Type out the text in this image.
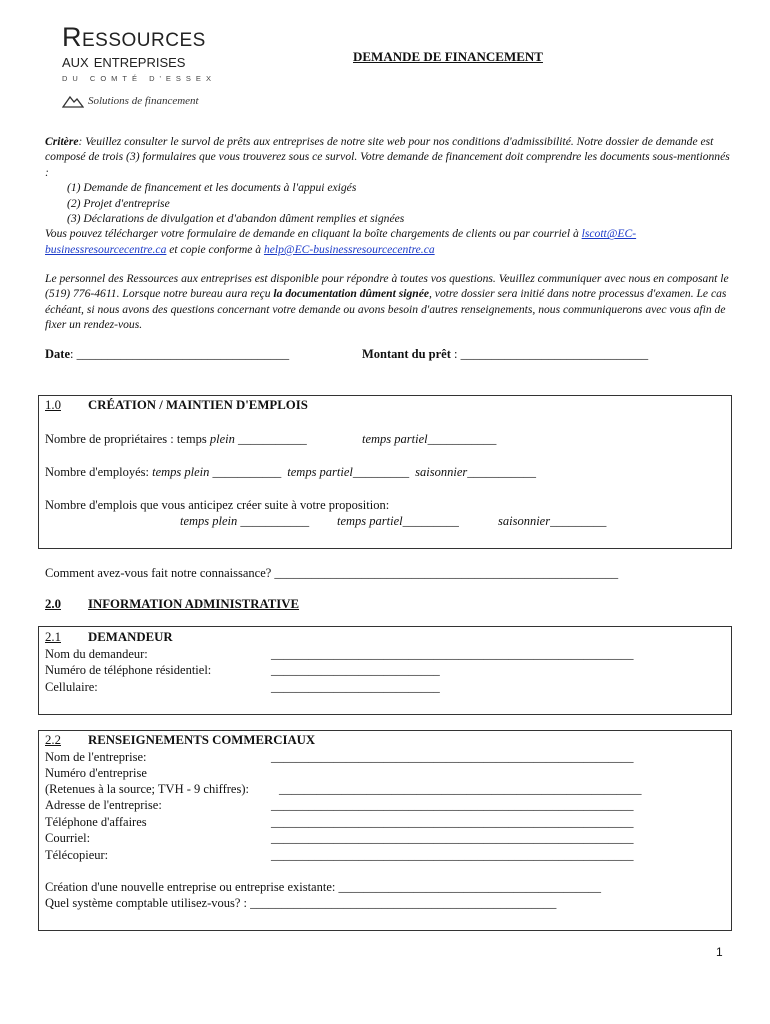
Ressources
aux entreprises
DU COMTÉ D'ESSEX
Solutions de financement
DEMANDE DE FINANCEMENT

Critère: Veuillez consulter le survol de prêts aux entreprises de notre site web pour nos conditions d'admissibilité. Notre dossier de demande est composé de trois (3) formulaires que vous trouverez sous ce survol. Votre demande de financement doit comprendre les documents sous-mentionnés :

(1) Demande de financement et les documents à l'appui exigés

(2) Projet d'entreprise

(3) Déclarations de divulgation et d'abandon dûment remplies et signées

Vous pouvez télécharger votre formulaire de demande en cliquant la boîte chargements de clients ou par courriel à lscott@EC-businessresourcecentre.ca et copie conforme à help@EC-businessresourcecentre.ca

Le personnel des Ressources aux entreprises est disponible pour répondre à toutes vos questions. Veuillez communiquer avec nous en composant le (519) 776-4611. Lorsque notre bureau aura reçu la documentation dûment signée, votre dossier sera initié dans notre processus d'examen. Le cas échéant, si nous avons des questions concernant votre demande ou avons besoin d'autres renseignements, nous communiquerons avec vous afin de fixer un rendez-vous.

Date: __________________________________	Montant du prêt : ______________________________
1.0 CRÉATION / MAINTIEN D'EMPLOIS
Nombre de propriétaires : temps plein ___________	temps partiel___________
Nombre d'employés: temps plein ___________ temps partiel_________ saisonnier___________
Nombre d'emplois que vous anticipez créer suite à votre proposition:
temps plein ___________ temps partiel_________	saisonnier_________
Comment avez-vous fait notre connaissance? _______________________________________________________
2.0 INFORMATION ADMINISTRATIVE
2.1 DEMANDEUR
Nom du demandeur:	__________________________________________________________
Numéro de téléphone résidentiel:	___________________________
Cellulaire:	___________________________
2.2 RENSEIGNEMENTS COMMERCIAUX
Nom de l'entreprise:	__________________________________________________________
Numéro d'entreprise
(Retenues à la source; TVH - 9 chiffres): __________________________________________________________
Adresse de l'entreprise:	__________________________________________________________
Téléphone d'affaires	__________________________________________________________
Courriel:	__________________________________________________________
Télécopieur:	__________________________________________________________
Création d'une nouvelle entreprise ou entreprise existante: __________________________________________
Quel système comptable utilisez-vous? : _________________________________________________
1
